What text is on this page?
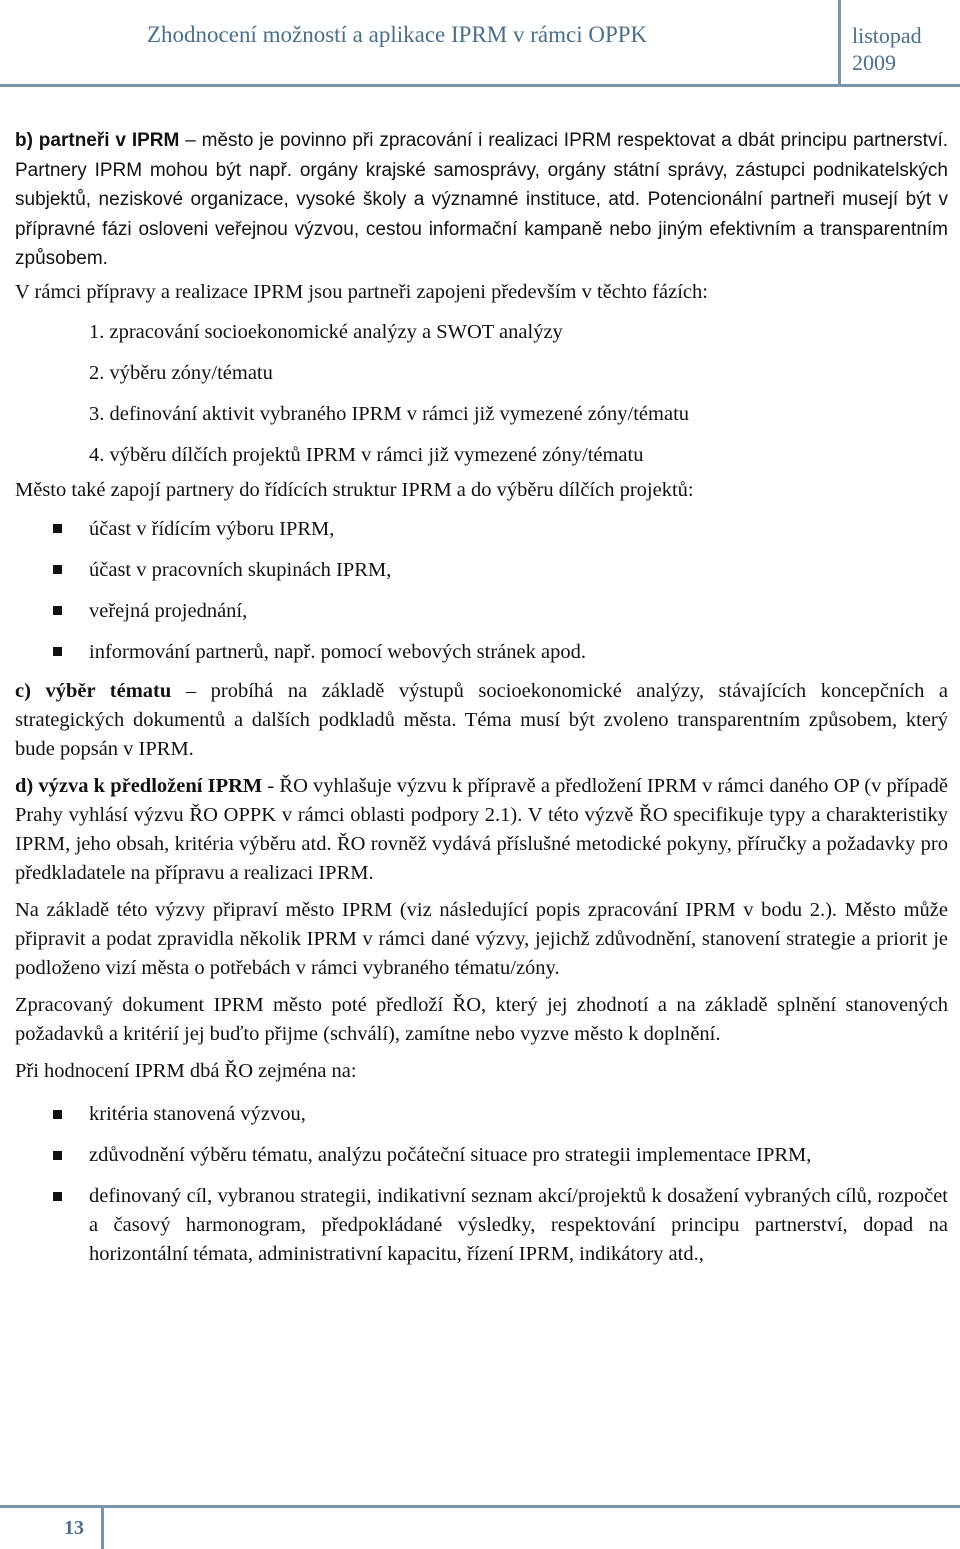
Zhodnocení možností a aplikace IPRM v rámci OPPK	listopad
2009

b) partneři v IPRM – město je povinno při zpracování i realizaci IPRM respektovat a dbát principu partnerství. Partnery IPRM mohou být např. orgány krajské samosprávy, orgány státní správy, zástupci podnikatelských subjektů, neziskové organizace, vysoké školy a významné instituce, atd. Potencionální partneři musejí být v přípravné fázi osloveni veřejnou výzvou, cestou informační kampaně nebo jiným efektivním a transparentním způsobem.

V rámci přípravy a realizace IPRM jsou partneři zapojeni především v těchto fázích:

1. zpracování socioekonomické analýzy a SWOT analýzy
2. výběru zóny/tématu
3. definování aktivit vybraného IPRM v rámci již vymezené zóny/tématu
4. výběru dílčích projektů IPRM v rámci již vymezené zóny/tématu

Město také zapojí partnery do řídících struktur IPRM a do výběru dílčích projektů:

účast v řídícím výboru IPRM,
účast v pracovních skupinách IPRM,
veřejná projednání,
informování partnerů, např. pomocí webových stránek apod.

c) výběr tématu – probíhá na základě výstupů socioekonomické analýzy, stávajících koncepčních a strategických dokumentů a dalších podkladů města. Téma musí být zvoleno transparentním způsobem, který bude popsán v IPRM.

d) výzva k předložení IPRM - ŘO vyhlašuje výzvu k přípravě a předložení IPRM v rámci daného OP (v případě Prahy vyhlásí výzvu ŘO OPPK v rámci oblasti podpory 2.1). V této výzvě ŘO specifikuje typy a charakteristiky IPRM, jeho obsah, kritéria výběru atd. ŘO rovněž vydává příslušné metodické pokyny, příručky a požadavky pro předkladatele na přípravu a realizaci IPRM.

Na základě této výzvy připraví město IPRM (viz následující popis zpracování IPRM v bodu 2.). Město může připravit a podat zpravidla několik IPRM v rámci dané výzvy, jejichž zdůvodnění, stanovení strategie a priorit je podloženo vizí města o potřebách v rámci vybraného tématu/zóny.

Zpracovaný dokument IPRM město poté předloží ŘO, který jej zhodnotí a na základě splnění stanovených požadavků a kritérií jej buďto přijme (schválí), zamítne nebo vyzve město k doplnění.

Při hodnocení IPRM dbá ŘO zejména na:

kritéria stanovená výzvou,
zdůvodnění výběru tématu, analýzu počáteční situace pro strategii implementace IPRM,
definovaný cíl, vybranou strategii, indikativní seznam akcí/projektů k dosažení vybraných cílů, rozpočet a časový harmonogram, předpokládané výsledky, respektování principu partnerství, dopad na horizontální témata, administrativní kapacitu, řízení IPRM, indikátory atd.,
13
